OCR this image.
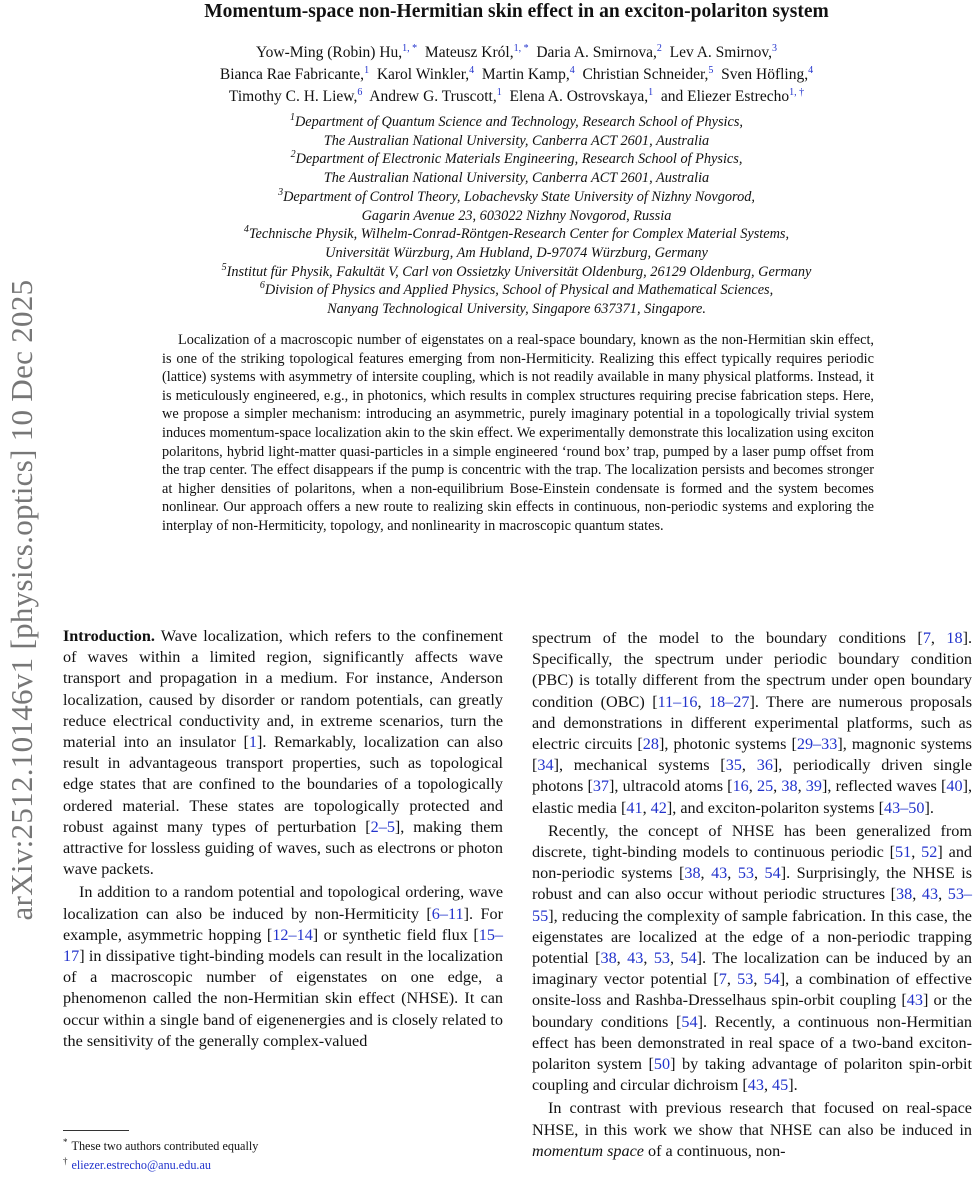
arXiv:2512.10146v1 [physics.optics] 10 Dec 2025
Momentum-space non-Hermitian skin effect in an exciton-polariton system
Yow-Ming (Robin) Hu,$^{1, *}$ Mateusz Król,$^{1, *}$ Daria A. Smirnova,$^2$ Lev A. Smirnov,$^3$
Bianca Rae Fabricante,$^1$ Karol Winkler,$^4$ Martin Kamp,$^4$ Christian Schneider,$^5$ Sven Höfling,$^4$
Timothy C. H. Liew,$^6$ Andrew G. Truscott,$^1$ Elena A. Ostrovskaya,$^1$ and Eliezer Estrecho$^{1, \dagger}$
$^1$Department of Quantum Science and Technology, Research School of Physics,
The Australian National University, Canberra ACT 2601, Australia
$^2$Department of Electronic Materials Engineering, Research School of Physics,
The Australian National University, Canberra ACT 2601, Australia
$^3$Department of Control Theory, Lobachevsky State University of Nizhny Novgorod,
Gagarin Avenue 23, 603022 Nizhny Novgorod, Russia
$^4$Technische Physik, Wilhelm-Conrad-Röntgen-Research Center for Complex Material Systems,
Universität Würzburg, Am Hubland, D-97074 Würzburg, Germany
$^5$Institut für Physik, Fakultät V, Carl von Ossietzky Universität Oldenburg, 26129 Oldenburg, Germany
$^6$Division of Physics and Applied Physics, School of Physical and Mathematical Sciences,
Nanyang Technological University, Singapore 637371, Singapore.

Localization of a macroscopic number of eigenstates on a real-space boundary, known as the non-Hermitian skin effect, is one of the striking topological features emerging from non-Hermiticity. Realizing this effect typically requires periodic (lattice) systems with asymmetry of intersite coupling, which is not readily available in many physical platforms. Instead, it is meticulously engineered, e.g., in photonics, which results in complex structures requiring precise fabrication steps. Here, we propose a simpler mechanism: introducing an asymmetric, purely imaginary potential in a topologically trivial system induces momentum-space localization akin to the skin effect. We experimentally demonstrate this localization using exciton polaritons, hybrid light-matter quasi-particles in a simple engineered ‘round box’ trap, pumped by a laser pump offset from the trap center. The effect disappears if the pump is concentric with the trap. The localization persists and becomes stronger at higher densities of polaritons, when a non-equilibrium Bose-Einstein condensate is formed and the system becomes nonlinear. Our approach offers a new route to realizing skin effects in continuous, non-periodic systems and exploring the interplay of non-Hermiticity, topology, and nonlinearity in macroscopic quantum states.

Introduction. Wave localization, which refers to the confinement of waves within a limited region, significantly affects wave transport and propagation in a medium. For instance, Anderson localization, caused by disorder or random potentials, can greatly reduce electrical conductivity and, in extreme scenarios, turn the material into an insulator [1]. Remarkably, localization can also result in advantageous transport properties, such as topological edge states that are confined to the boundaries of a topologically ordered material. These states are topologically protected and robust against many types of perturbation [2–5], making them attractive for lossless guiding of waves, such as electrons or photon wave packets.

In addition to a random potential and topological ordering, wave localization can also be induced by non-Hermiticity [6–11]. For example, asymmetric hopping [12–14] or synthetic field flux [15–17] in dissipative tight-binding models can result in the localization of a macroscopic number of eigenstates on one edge, a phenomenon called the non-Hermitian skin effect (NHSE). It can occur within a single band of eigenenergies and is closely related to the sensitivity of the generally complex-valued

spectrum of the model to the boundary conditions [7, 18]. Specifically, the spectrum under periodic boundary condition (PBC) is totally different from the spectrum under open boundary condition (OBC) [11–16, 18–27]. There are numerous proposals and demonstrations in different experimental platforms, such as electric circuits [28], photonic systems [29–33], magnonic systems [34], mechanical systems [35, 36], periodically driven single photons [37], ultracold atoms [16, 25, 38, 39], reflected waves [40], elastic media [41, 42], and exciton-polariton systems [43–50].

Recently, the concept of NHSE has been generalized from discrete, tight-binding models to continuous periodic [51, 52] and non-periodic systems [38, 43, 53, 54]. Surprisingly, the NHSE is robust and can also occur without periodic structures [38, 43, 53–55], reducing the complexity of sample fabrication. In this case, the eigenstates are localized at the edge of a non-periodic trapping potential [38, 43, 53, 54]. The localization can be induced by an imaginary vector potential [7, 53, 54], a combination of effective onsite-loss and Rashba-Dresselhaus spin-orbit coupling [43] or the boundary conditions [54]. Recently, a continuous non-Hermitian effect has been demonstrated in real space of a two-band exciton-polariton system [50] by taking advantage of polariton spin-orbit coupling and circular dichroism [43, 45].

In contrast with previous research that focused on real-space NHSE, in this work we show that NHSE can also be induced in momentum space of a continuous, non-

* These two authors contributed equally
† eliezer.estrecho@anu.edu.au
